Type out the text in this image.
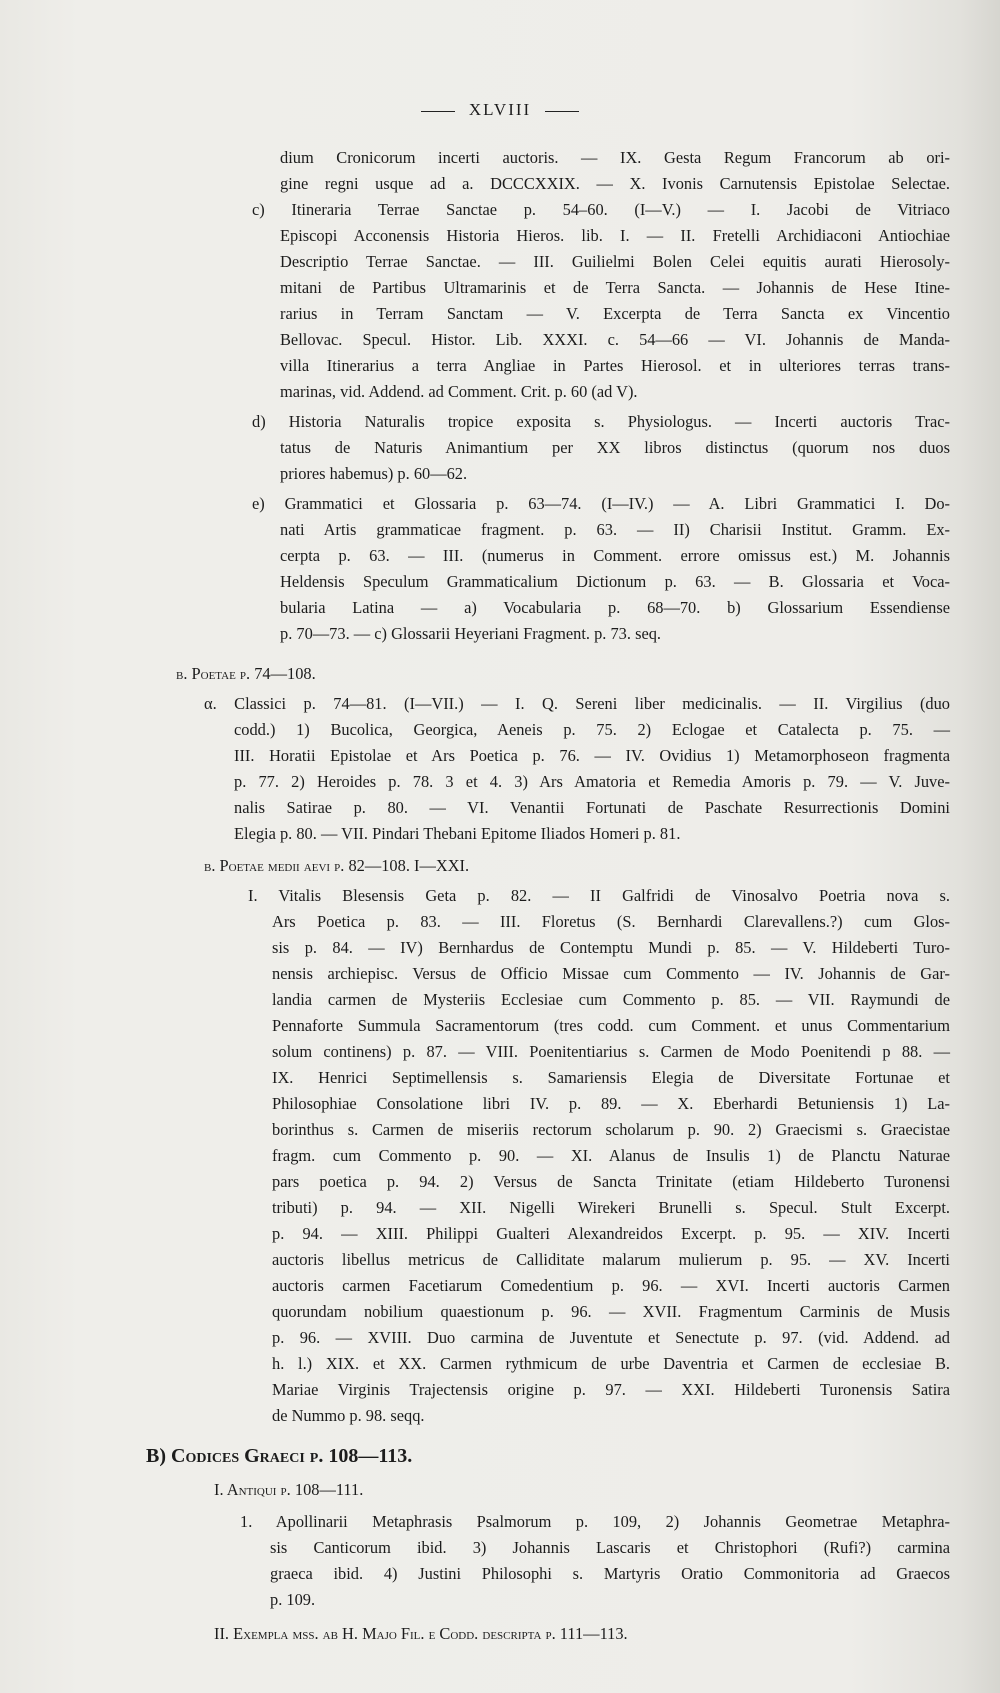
XLVIII
dium Cronicorum incerti auctoris. — IX. Gesta Regum Francorum ab ori-
gine regni usque ad a. DCCCXXIX. — X. Ivonis Carnutensis Epistolae Selectae.
c) Itineraria Terrae Sanctae p. 54–60. (I—V.) — I. Jacobi de Vitriaco
Episcopi Acconensis Historia Hieros. lib. I. — II. Fretelli Archidiaconi Antiochiae
Descriptio Terrae Sanctae. — III. Guilielmi Bolen Celei equitis aurati Hierosoly-
mitani de Partibus Ultramarinis et de Terra Sancta. — Johannis de Hese Itine-
rarius in Terram Sanctam — V. Excerpta de Terra Sancta ex Vincentio
Bellovac. Specul. Histor. Lib. XXXI. c. 54—66 — VI. Johannis de Manda-
villa Itinerarius a terra Angliae in Partes Hierosol. et in ulteriores terras trans-
marinas, vid. Addend. ad Comment. Crit. p. 60 (ad V).
d) Historia Naturalis tropice exposita s. Physiologus. — Incerti auctoris Trac-
tatus de Naturis Animantium per XX libros distinctus (quorum nos duos
priores habemus) p. 60—62.
e) Grammatici et Glossaria p. 63—74. (I—IV.) — A. Libri Grammatici I. Do-
nati Artis grammaticae fragment. p. 63. — II) Charisii Institut. Gramm. Ex-
cerpta p. 63. — III. (numerus in Comment. errore omissus est.) M. Johannis
Heldensis Speculum Grammaticalium Dictionum p. 63. — B. Glossaria et Voca-
bularia Latina — a) Vocabularia p. 68—70. b) Glossarium Essendiense
p. 70—73. — c) Glossarii Heyeriani Fragment. p. 73. seq.
b. Poetae p. 74—108.
α. Classici p. 74—81. (I—VII.) — I. Q. Sereni liber medicinalis. — II. Virgilius (duo
codd.) 1) Bucolica, Georgica, Aeneis p. 75. 2) Eclogae et Catalecta p. 75. —
III. Horatii Epistolae et Ars Poetica p. 76. — IV. Ovidius 1) Metamorphoseon fragmenta
p. 77. 2) Heroides p. 78. 3 et 4. 3) Ars Amatoria et Remedia Amoris p. 79. — V. Juve-
nalis Satirae p. 80. — VI. Venantii Fortunati de Paschate Resurrectionis Domini
Elegia p. 80. — VII. Pindari Thebani Epitome Iliados Homeri p. 81.
β. Poetae medii aevi p. 82—108. I—XXI.
I. Vitalis Blesensis Geta p. 82. — II Galfridi de Vinosalvo Poetria nova s.
Ars Poetica p. 83. — III. Floretus (S. Bernhardi Clarevallens.?) cum Glos-
sis p. 84. — IV) Bernhardus de Contemptu Mundi p. 85. — V. Hildeberti Turo-
nensis archiepisc. Versus de Officio Missae cum Commento — IV. Johannis de Gar-
landia carmen de Mysteriis Ecclesiae cum Commento p. 85. — VII. Raymundi de
Pennaforte Summula Sacramentorum (tres codd. cum Comment. et unus Commentarium
solum continens) p. 87. — VIII. Poenitentiarius s. Carmen de Modo Poenitendi p 88. —
IX. Henrici Septimellensis s. Samariensis Elegia de Diversitate Fortunae et
Philosophiae Consolatione libri IV. p. 89. — X. Eberhardi Betuniensis 1) La-
borinthus s. Carmen de miseriis rectorum scholarum p. 90. 2) Graecismi s. Graecistae
fragm. cum Commento p. 90. — XI. Alanus de Insulis 1) de Planctu Naturae
pars poetica p. 94. 2) Versus de Sancta Trinitate (etiam Hildeberto Turonensi
tributi) p. 94. — XII. Nigelli Wirekeri Brunelli s. Specul. Stult Excerpt.
p. 94. — XIII. Philippi Gualteri Alexandreidos Excerpt. p. 95. — XIV. Incerti
auctoris libellus metricus de Calliditate malarum mulierum p. 95. — XV. Incerti
auctoris carmen Facetiarum Comedentium p. 96. — XVI. Incerti auctoris Carmen
quorundam nobilium quaestionum p. 96. — XVII. Fragmentum Carminis de Musis
p. 96. — XVIII. Duo carmina de Juventute et Senectute p. 97. (vid. Addend. ad
h. l.) XIX. et XX. Carmen rythmicum de urbe Daventria et Carmen de ecclesiae B.
Mariae Virginis Trajectensis origine p. 97. — XXI. Hildeberti Turonensis Satira
de Nummo p. 98. seqq.
B) Codices Graeci p. 108—113.
I. Antiqui p. 108—111.
1. Apollinarii Metaphrasis Psalmorum p. 109, 2) Johannis Geometrae Metaphra-
sis Canticorum ibid. 3) Johannis Lascaris et Christophori (Rufi?) carmina
graeca ibid. 4) Justini Philosophi s. Martyris Oratio Commonitoria ad Graecos
p. 109.
II. Exempla mss. ab H. Majo Fil. e Codd. descripta p. 111—113.
